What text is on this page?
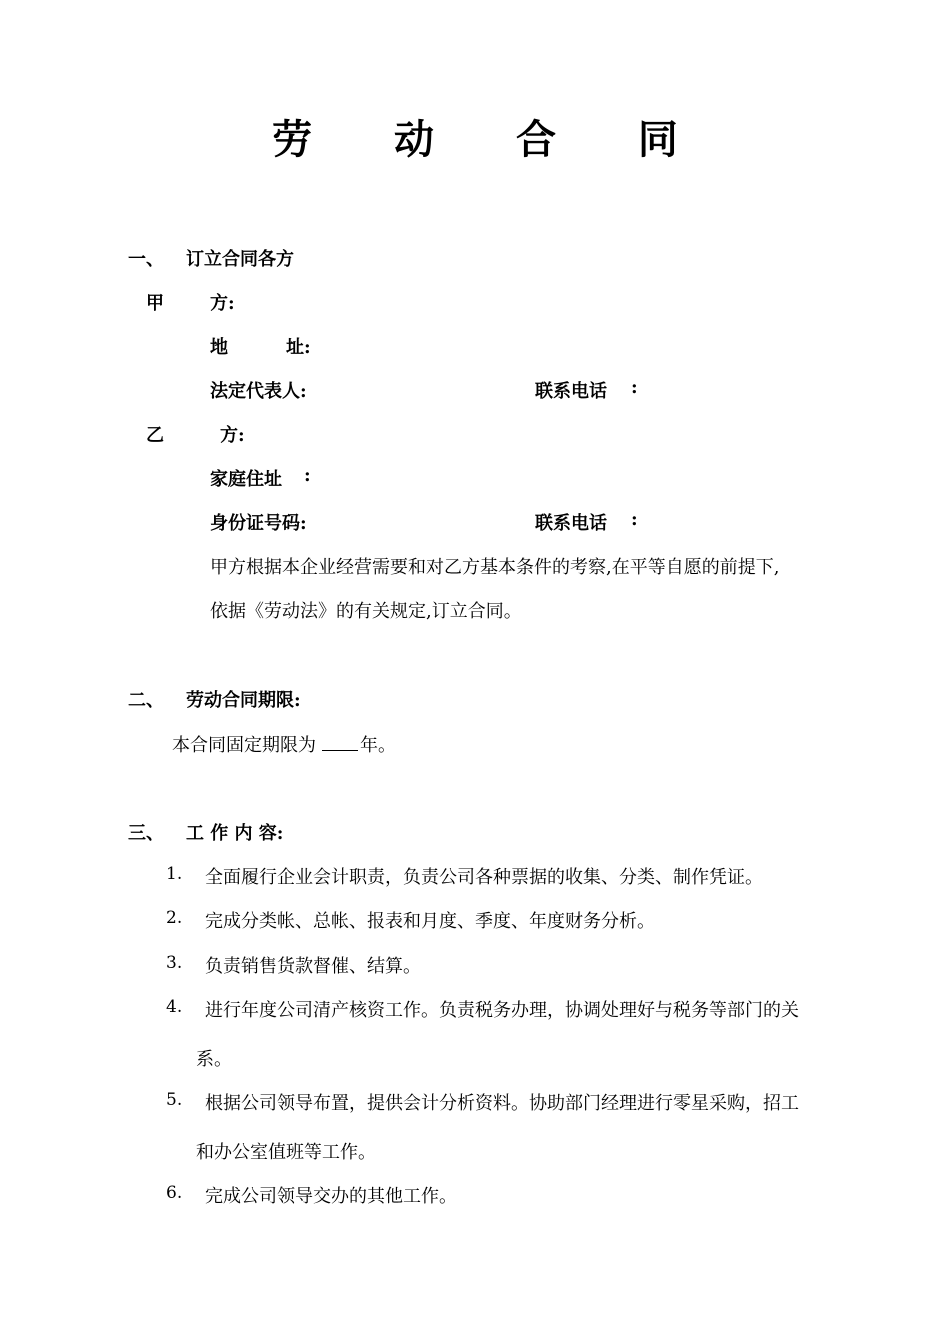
劳 动 合 同
一、 订立合同各方
甲	方:
地	址:
法定代表人:	联系电话 :
乙	方:
家庭住址 :
身份证号码:	联系电话 :
甲方根据本企业经营需要和对乙方基本条件的考察,在平等自愿的前提下,
依据《劳动法》的有关规定,订立合同。
二、 劳动合同期限:
本合同固定期限为 年。
三、 工 作 内 容:
1. 全面履行企业会计职责，负责公司各种票据的收集、分类、制作凭证。
2. 完成分类帐、总帐、报表和月度、季度、年度财务分析。
3. 负责销售货款督催、结算。
4. 进行年度公司清产核资工作。负责税务办理，协调处理好与税务等部门的关
系。
5. 根据公司领导布置，提供会计分析资料。协助部门经理进行零星采购，招工
和办公室值班等工作。
6. 完成公司领导交办的其他工作。
